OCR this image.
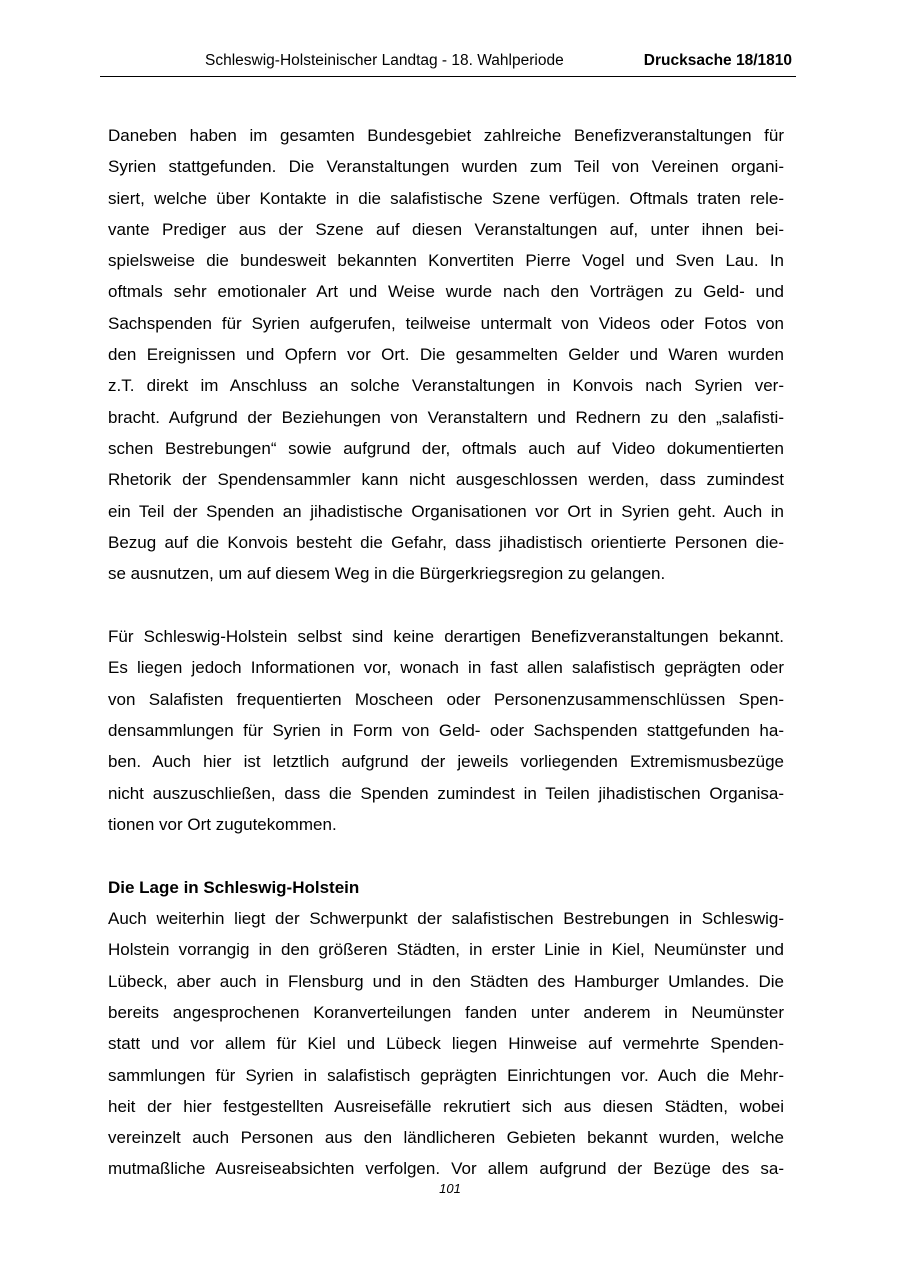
Schleswig-Holsteinischer Landtag - 18. Wahlperiode	Drucksache 18/1810
Daneben haben im gesamten Bundesgebiet zahlreiche Benefizveranstaltungen für
Syrien stattgefunden. Die Veranstaltungen wurden zum Teil von Vereinen organi-
siert, welche über Kontakte in die salafistische Szene verfügen. Oftmals traten rele-
vante Prediger aus der Szene auf diesen Veranstaltungen auf, unter ihnen bei-
spielsweise die bundesweit bekannten Konvertiten Pierre Vogel und Sven Lau. In
oftmals sehr emotionaler Art und Weise wurde nach den Vorträgen zu Geld- und
Sachspenden für Syrien aufgerufen, teilweise untermalt von Videos oder Fotos von
den Ereignissen und Opfern vor Ort. Die gesammelten Gelder und Waren wurden
z.T. direkt im Anschluss an solche Veranstaltungen in Konvois nach Syrien ver-
bracht. Aufgrund der Beziehungen von Veranstaltern und Rednern zu den „salafisti-
schen Bestrebungen“ sowie aufgrund der, oftmals auch auf Video dokumentierten
Rhetorik der Spendensammler kann nicht ausgeschlossen werden, dass zumindest
ein Teil der Spenden an jihadistische Organisationen vor Ort in Syrien geht. Auch in
Bezug auf die Konvois besteht die Gefahr, dass jihadistisch orientierte Personen die-
se ausnutzen, um auf diesem Weg in die Bürgerkriegsregion zu gelangen.
Für Schleswig-Holstein selbst sind keine derartigen Benefizveranstaltungen bekannt.
Es liegen jedoch Informationen vor, wonach in fast allen salafistisch geprägten oder
von Salafisten frequentierten Moscheen oder Personenzusammenschlüssen Spen-
densammlungen für Syrien in Form von Geld- oder Sachspenden stattgefunden ha-
ben. Auch hier ist letztlich aufgrund der jeweils vorliegenden Extremismusbezüge
nicht auszuschließen, dass die Spenden zumindest in Teilen jihadistischen Organisa-
tionen vor Ort zugutekommen.
Die Lage in Schleswig-Holstein
Auch weiterhin liegt der Schwerpunkt der salafistischen Bestrebungen in Schleswig-
Holstein vorrangig in den größeren Städten, in erster Linie in Kiel, Neumünster und
Lübeck, aber auch in Flensburg und in den Städten des Hamburger Umlandes. Die
bereits angesprochenen Koranverteilungen fanden unter anderem in Neumünster
statt und vor allem für Kiel und Lübeck liegen Hinweise auf vermehrte Spenden-
sammlungen für Syrien in salafistisch geprägten Einrichtungen vor. Auch die Mehr-
heit der hier festgestellten Ausreisefälle rekrutiert sich aus diesen Städten, wobei
vereinzelt auch Personen aus den ländlicheren Gebieten bekannt wurden, welche
mutmaßliche Ausreiseabsichten verfolgen. Vor allem aufgrund der Bezüge des sa-
101
